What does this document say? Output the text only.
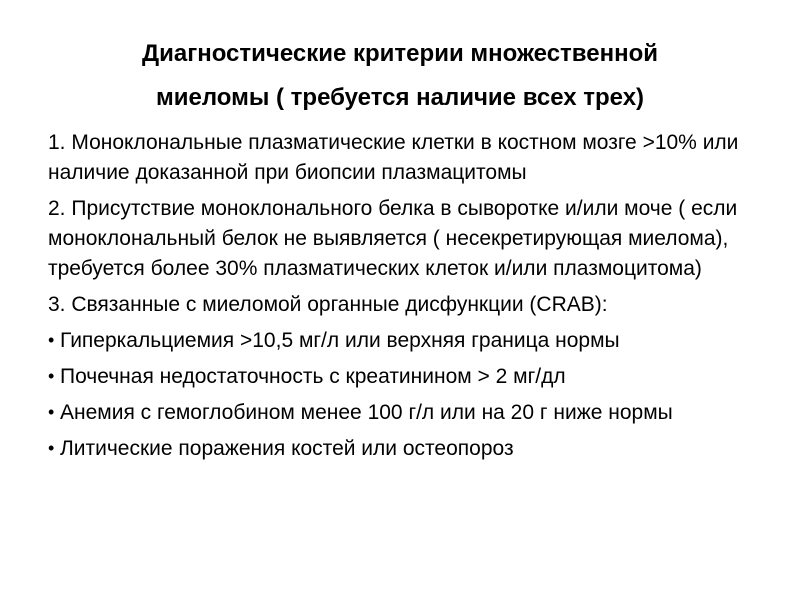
Диагностические критерии множественной
миеломы ( требуется наличие всех трех)

1. Моноклональные плазматические клетки в костном мозге >10% или наличие доказанной при биопсии плазмацитомы

2. Присутствие моноклонального белка в сыворотке и/или моче ( если моноклональный белок не выявляется ( несекретирующая миелома), требуется более 30% плазматических клеток и/или плазмоцитома)

3. Связанные с миеломой органные дисфункции (CRAB):

• Гиперкальциемия >10,5 мг/л или верхняя граница нормы

• Почечная недостаточность с креатинином > 2 мг/дл

• Анемия с гемоглобином менее 100 г/л или на 20 г ниже нормы

• Литические поражения костей или остеопороз
